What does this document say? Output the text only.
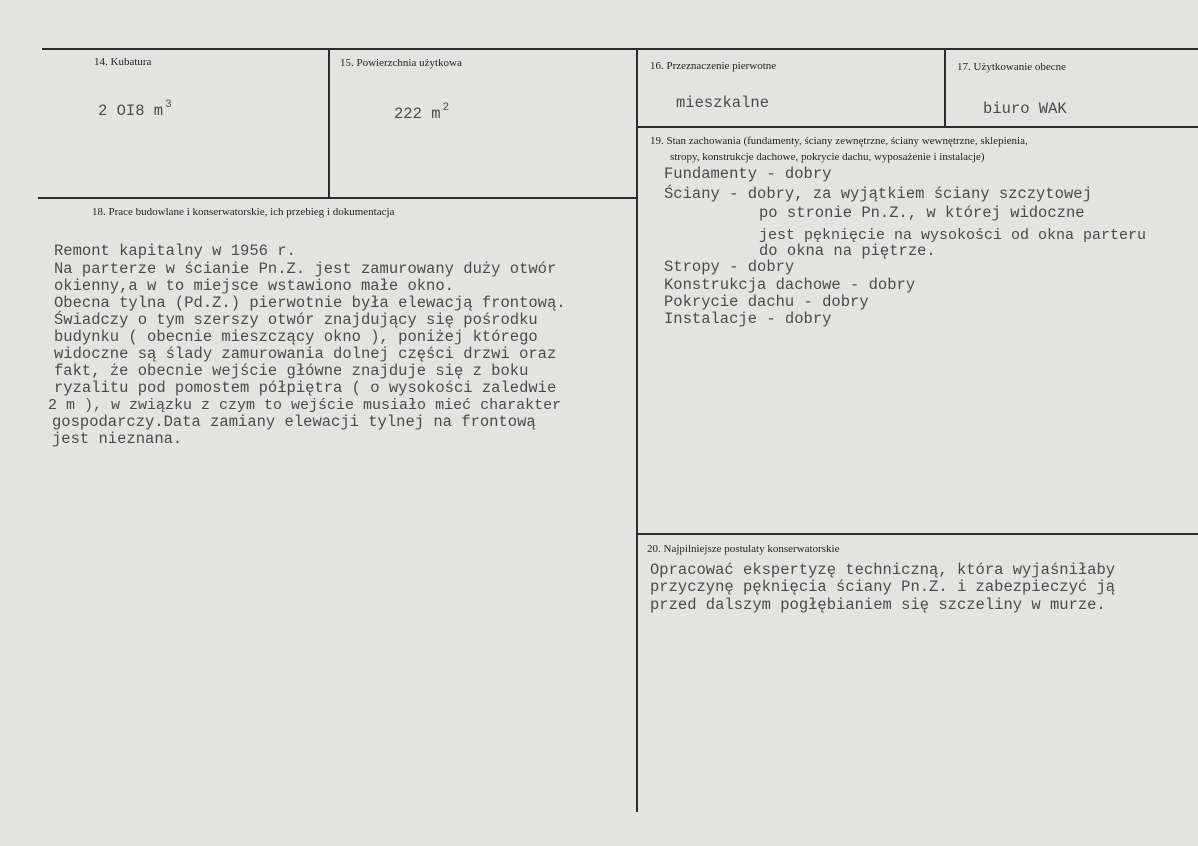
14. Kubatura
2 OI8 m $^3$
15. Powierzchnia użytkowa
222 m $^2$
16. Przeznaczenie pierwotne
mieszkalne
17. Użytkowanie obecne
biuro WAK
18. Prace budowlane i konserwatorskie, ich przebieg i dokumentacja
Remont kapitalny w 1956 r.
Na parterze w ścianie Pn.Z. jest zamurowany duży otwór
okienny,a w to miejsce wstawiono małe okno.
Obecna tylna (Pd.Z.) pierwotnie była elewacją frontową.
Świadczy o tym szerszy otwór znajdujący się pośrodku
budynku ( obecnie mieszczący okno ), poniżej którego
widoczne są ślady zamurowania dolnej części drzwi oraz
fakt, że obecnie wejście główne znajduje się z boku
ryzalitu pod pomostem półpiętra ( o wysokości zaledwie
2 m ), w związku z czym to wejście musiało mieć charakter
gospodarczy.Data zamiany elewacji tylnej na frontową
jest nieznana.
19. Stan zachowania (fundamenty, ściany zewnętrzne, ściany wewnętrzne, sklepienia,
stropy, konstrukcje dachowe, pokrycie dachu, wyposażenie i instalacje)
Fundamenty - dobry
Ściany - dobry, za wyjątkiem ściany szczytowej
po stronie Pn.Z., w której widoczne
jest pęknięcie na wysokości od okna parteru
do okna na piętrze.
Stropy - dobry
Konstrukcja dachowe - dobry
Pokrycie dachu - dobry
Instalacje - dobry
20. Najpilniejsze postulaty konserwatorskie
Opracować ekspertyzę techniczną, która wyjaśniłaby
przyczynę pęknięcia ściany Pn.Z. i zabezpieczyć ją
przed dalszym pogłębianiem się szczeliny w murze.
